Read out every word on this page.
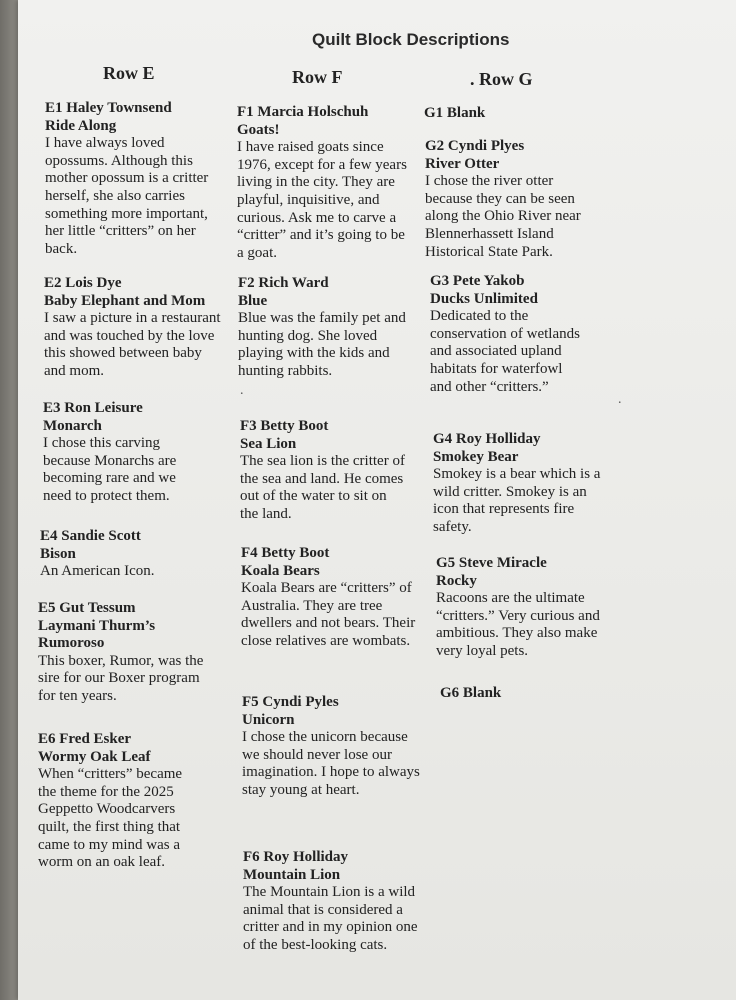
Quilt Block Descriptions
Row E	Row F	. Row G
E1 Haley Townsend
Ride Along
I have always loved opossums. Although this mother opossum is a critter herself, she also carries something more important, her little “critters” on her back.
E2 Lois Dye
Baby Elephant and Mom
I saw a picture in a restaurant and was touched by the love this showed between baby and mom.
E3 Ron Leisure
Monarch
I chose this carving because Monarchs are becoming rare and we need to protect them.
E4 Sandie Scott
Bison
An American Icon.
E5 Gut Tessum
Laymani Thurm’s Rumoroso
This boxer, Rumor, was the sire for our Boxer program for ten years.
E6 Fred Esker
Wormy Oak Leaf
When “critters” became the theme for the 2025 Geppetto Woodcarvers quilt, the first thing that came to my mind was a worm on an oak leaf.
F1 Marcia Holschuh
Goats!
I have raised goats since 1976, except for a few years living in the city. They are playful, inquisitive, and curious. Ask me to carve a “critter” and it’s going to be a goat.
F2 Rich Ward
Blue
Blue was the family pet and hunting dog. She loved playing with the kids and hunting rabbits.
.
F3 Betty Boot
Sea Lion
The sea lion is the critter of the sea and land. He comes out of the water to sit on the land.
F4 Betty Boot
Koala Bears
Koala Bears are “critters” of Australia. They are tree dwellers and not bears. Their close relatives are wombats.
F5 Cyndi Pyles
Unicorn
I chose the unicorn because we should never lose our imagination. I hope to always stay young at heart.
F6 Roy Holliday
Mountain Lion
The Mountain Lion is a wild animal that is considered a critter and in my opinion one of the best-looking cats.
G1 Blank
G2 Cyndi Plyes
River Otter
I chose the river otter because they can be seen along the Ohio River near Blennerhassett Island Historical State Park.
G3 Pete Yakob
Ducks Unlimited
Dedicated to the conservation of wetlands and associated upland habitats for waterfowl and other “critters.”
.
G4 Roy Holliday
Smokey Bear
Smokey is a bear which is a wild critter. Smokey is an icon that represents fire safety.
G5 Steve Miracle
Rocky
Racoons are the ultimate “critters.” Very curious and ambitious. They also make very loyal pets.
G6 Blank
